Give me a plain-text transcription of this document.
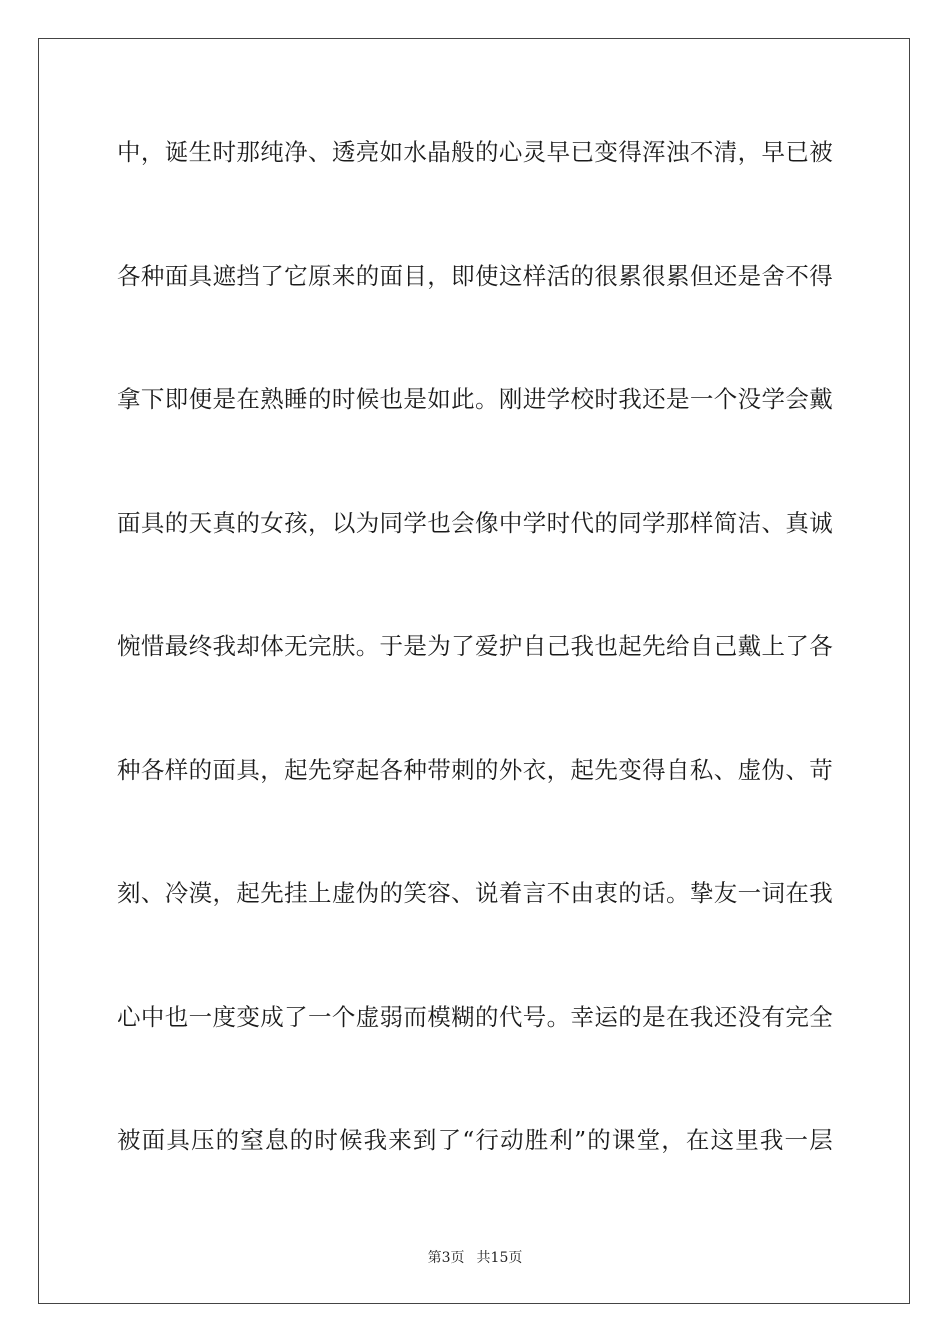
中，诞生时那纯净、透亮如水晶般的心灵早已变得浑浊不清，早已被
各种面具遮挡了它原来的面目，即使这样活的很累很累但还是舍不得
拿下即便是在熟睡的时候也是如此。刚进学校时我还是一个没学会戴
面具的天真的女孩，以为同学也会像中学时代的同学那样简洁、真诚
惋惜最终我却体无完肤。于是为了爱护自己我也起先给自己戴上了各
种各样的面具，起先穿起各种带刺的外衣，起先变得自私、虚伪、苛
刻、冷漠，起先挂上虚伪的笑容、说着言不由衷的话。挚友一词在我
心中也一度变成了一个虚弱而模糊的代号。幸运的是在我还没有完全
被面具压的窒息的时候我来到了“行动胜利”的课堂，在这里我一层
第3页 共15页
